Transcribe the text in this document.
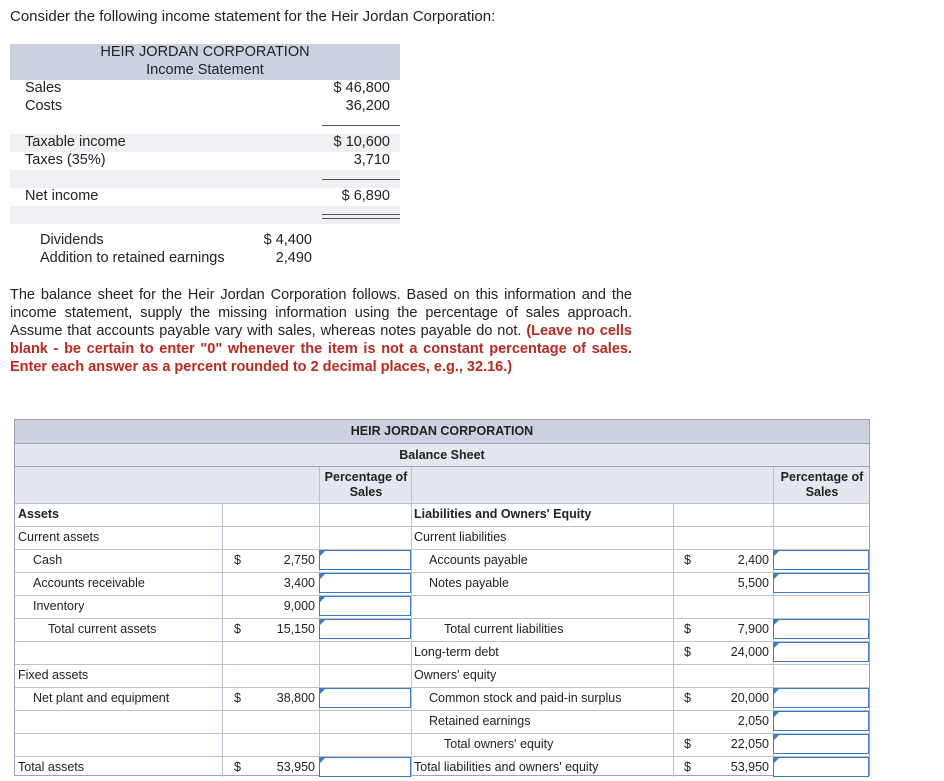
Consider the following income statement for the Heir Jordan Corporation:
HEIR JORDAN CORPORATION
Income Statement
Sales	$ 46,800
Costs	36,200
Taxable income	$ 10,600
Taxes (35%)	3,710
Net income	$ 6,890
Dividends	$ 4,400
Addition to retained earnings	2,490
The balance sheet for the Heir Jordan Corporation follows. Based on this information and the income statement, supply the missing information using the percentage of sales approach. Assume that accounts payable vary with sales, whereas notes payable do not. (Leave no cells blank - be certain to enter "0" whenever the item is not a constant percentage of sales. Enter each answer as a percent rounded to 2 decimal places, e.g., 32.16.)
HEIR JORDAN CORPORATION
Balance Sheet
Percentage of Sales
Percentage of Sales
Assets
Current assets
Cash	$	2,750
Accounts receivable	3,400
Inventory	9,000
Total current assets	$	15,150
Fixed assets
Net plant and equipment	$	38,800
Total assets	$	53,950
Liabilities and Owners' Equity
Current liabilities
Accounts payable	$	2,400
Notes payable	5,500
Total current liabilities	$	7,900
Long-term debt	$	24,000
Owners' equity
Common stock and paid-in surplus	$	20,000
Retained earnings	2,050
Total owners' equity	$	22,050
Total liabilities and owners' equity	$	53,950
